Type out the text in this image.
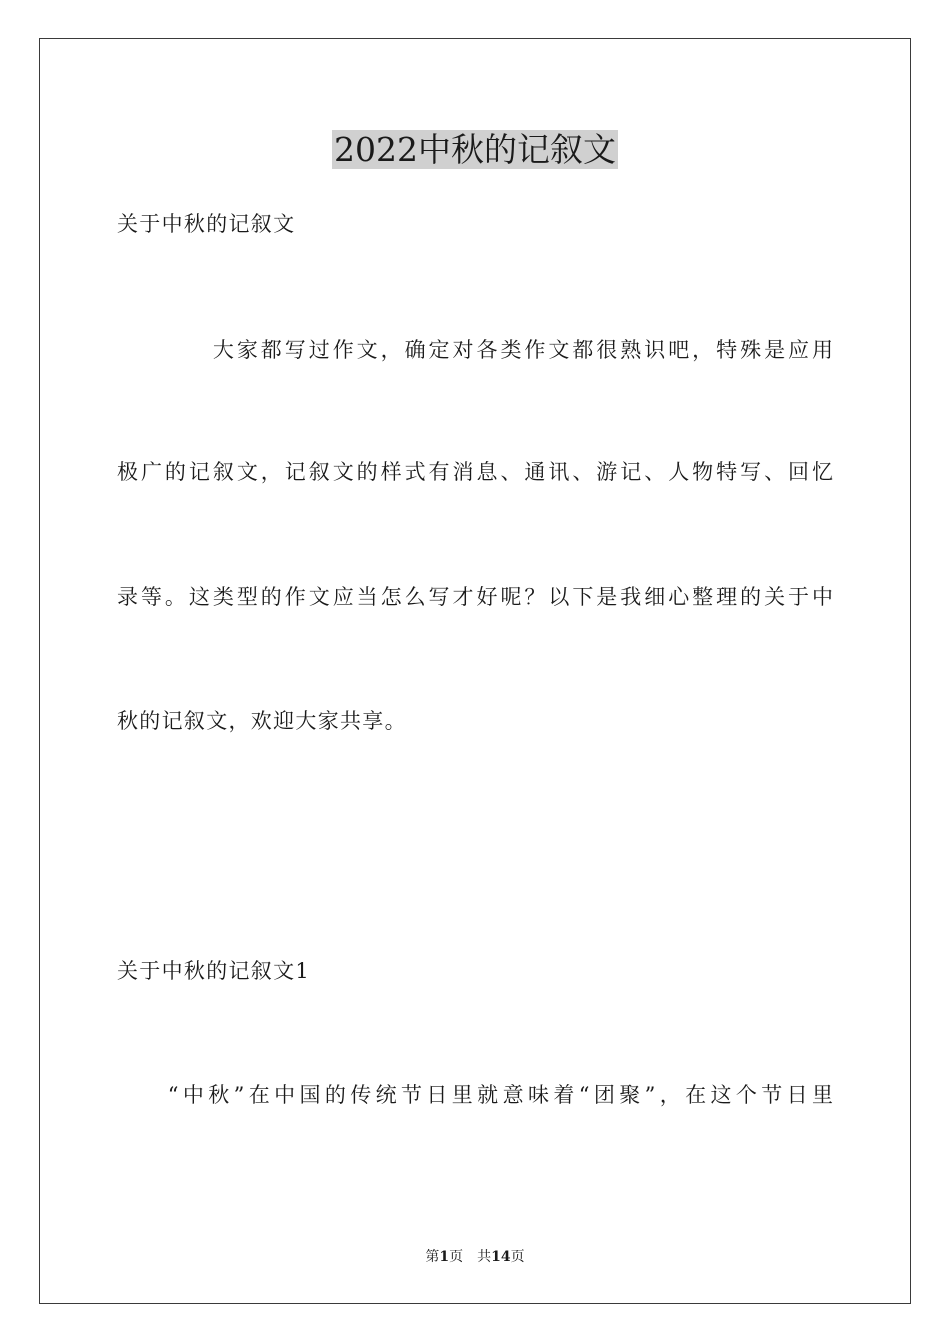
2022中秋的记叙文
关于中秋的记叙文
　　　　大家都写过作文，确定对各类作文都很熟识吧，特殊是应用
极广的记叙文，记叙文的样式有消息、通讯、游记、人物特写、回忆
录等。这类型的作文应当怎么写才好呢？以下是我细心整理的关于中
秋的记叙文，欢迎大家共享。
关于中秋的记叙文1
　　“中秋”在中国的传统节日里就意味着“团聚”，在这个节日里
第1页　共14页
